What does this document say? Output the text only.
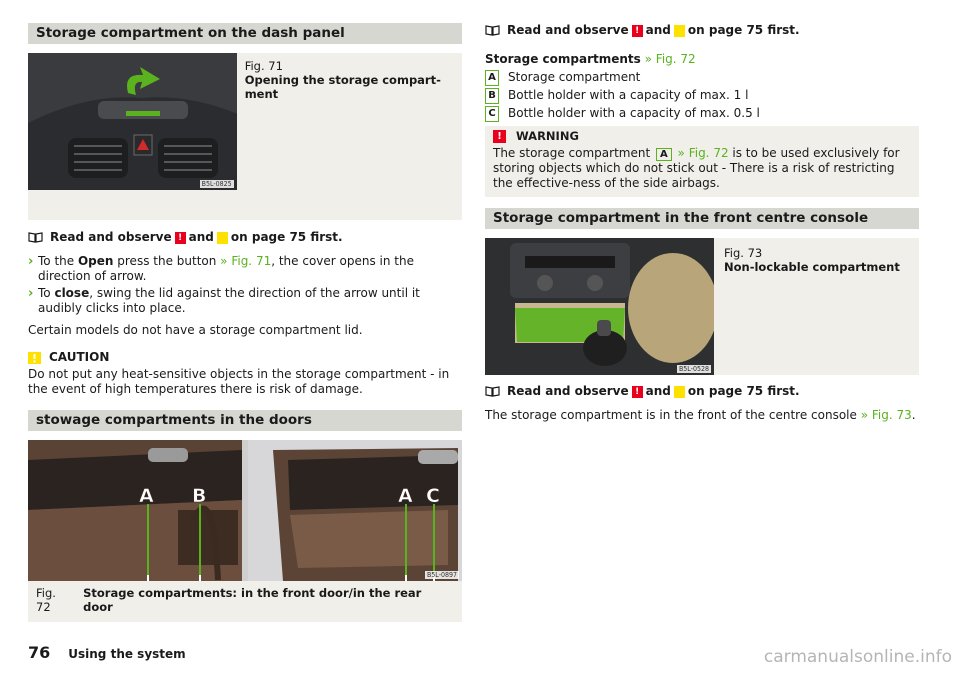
Storage compartment on the dash panel
B5L-0825
Fig. 71
Opening the storage compart-ment
Read and observe ! and on page 75 first.
› To the Open press the button » Fig. 71, the cover opens in the direction of arrow.
› To close, swing the lid against the direction of the arrow until it audibly clicks into place.

Certain models do not have a storage compartment lid.

CAUTION

Do not put any heat-sensitive objects in the storage compartment - in the event of high temperatures there is risk of damage.

stowage compartments in the doors
A B	A C
B5L-0897
Fig. 72
Storage compartments: in the front door/in the rear door
Read and observe ! and on page 75 first.
Storage compartments » Fig. 72
A	Storage compartment
B	Bottle holder with a capacity of max. 1 l
C	Bottle holder with a capacity of max. 0.5 l
!	WARNING
The storage compartment A » Fig. 72 is to be used exclusively for storing objects which do not stick out - There is a risk of restricting the effective-ness of the side airbags.
Storage compartment in the front centre console
B5L-0528
Fig. 73
Non-lockable compartment
Read and observe ! and on page 75 first.

The storage compartment is in the front of the centre console » Fig. 73.

76 Using the system	carmanualsonline.info
